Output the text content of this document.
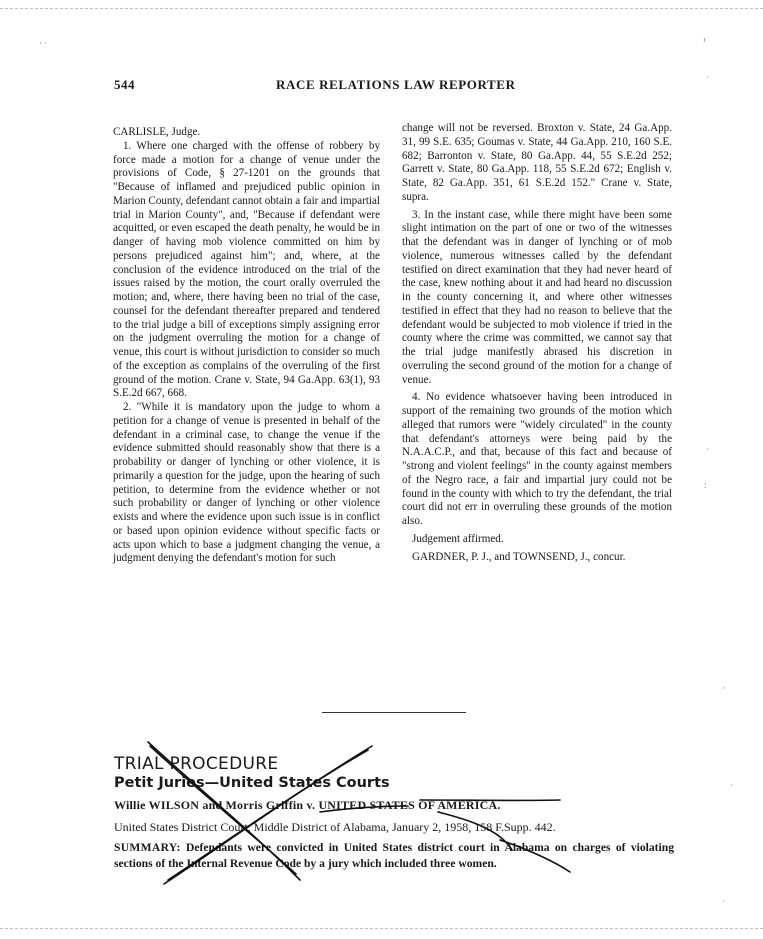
544	RACE RELATIONS LAW REPORTER

CARLISLE, Judge.

1. Where one charged with the offense of robbery by force made a motion for a change of venue under the provisions of Code, § 27-1201 on the grounds that "Because of inflamed and prejudiced public opinion in Marion County, defendant cannot obtain a fair and impartial trial in Marion County", and, "Because if defendant were acquitted, or even escaped the death penalty, he would be in danger of having mob violence committed on him by persons prejudiced against him"; and, where, at the conclusion of the evidence introduced on the trial of the issues raised by the motion, the court orally overruled the motion; and, where, there having been no trial of the case, counsel for the defendant thereafter prepared and tendered to the trial judge a bill of exceptions simply assigning error on the judgment overruling the motion for a change of venue, this court is without jurisdiction to consider so much of the exception as complains of the overruling of the first ground of the motion. Crane v. State, 94 Ga.App. 63(1), 93 S.E.2d 667, 668.

2. "While it is mandatory upon the judge to whom a petition for a change of venue is presented in behalf of the defendant in a criminal case, to change the venue if the evidence submitted should reasonably show that there is a probability or danger of lynching or other violence, it is primarily a question for the judge, upon the hearing of such petition, to determine from the evidence whether or not such probability or danger of lynching or other violence exists and where the evidence upon such issue is in conflict or based upon opinion evidence without specific facts or acts upon which to base a judgment changing the venue, a judgment denying the defendant's motion for such

change will not be reversed. Broxton v. State, 24 Ga.App. 31, 99 S.E. 635; Goumas v. State, 44 Ga.App. 210, 160 S.E. 682; Barronton v. State, 80 Ga.App. 44, 55 S.E.2d 252; Garrett v. State, 80 Ga.App. 118, 55 S.E.2d 672; English v. State, 82 Ga.App. 351, 61 S.E.2d 152." Crane v. State, supra.

3. In the instant case, while there might have been some slight intimation on the part of one or two of the witnesses that the defendant was in danger of lynching or of mob violence, numerous witnesses called by the defendant testified on direct examination that they had never heard of the case, knew nothing about it and had heard no discussion in the county concerning it, and where other witnesses testified in effect that they had no reason to believe that the defendant would be subjected to mob violence if tried in the county where the crime was committed, we cannot say that the trial judge manifestly abrased his discretion in overruling the second ground of the motion for a change of venue.

4. No evidence whatsoever having been introduced in support of the remaining two grounds of the motion which alleged that rumors were "widely circulated" in the county that defendant's attorneys were being paid by the N.A.A.C.P., and that, because of this fact and because of "strong and violent feelings" in the county against members of the Negro race, a fair and impartial jury could not be found in the county with which to try the defendant, the trial court did not err in overruling these grounds of the motion also.

Judgement affirmed.

GARDNER, P. J., and TOWNSEND, J., concur.

TRIAL PROCEDURE
Petit Juries—United States Courts
Willie WILSON and Morris Griffin v. UNITED STATES OF AMERICA.
United States District Court, Middle District of Alabama, January 2, 1958, 158 F.Supp. 442.
SUMMARY: Defendants were convicted in United States district court in Alabama on charges of violating sections of the Internal Revenue Code by a jury which included three women.
· ·	¹
·
·
:
·
·
·
